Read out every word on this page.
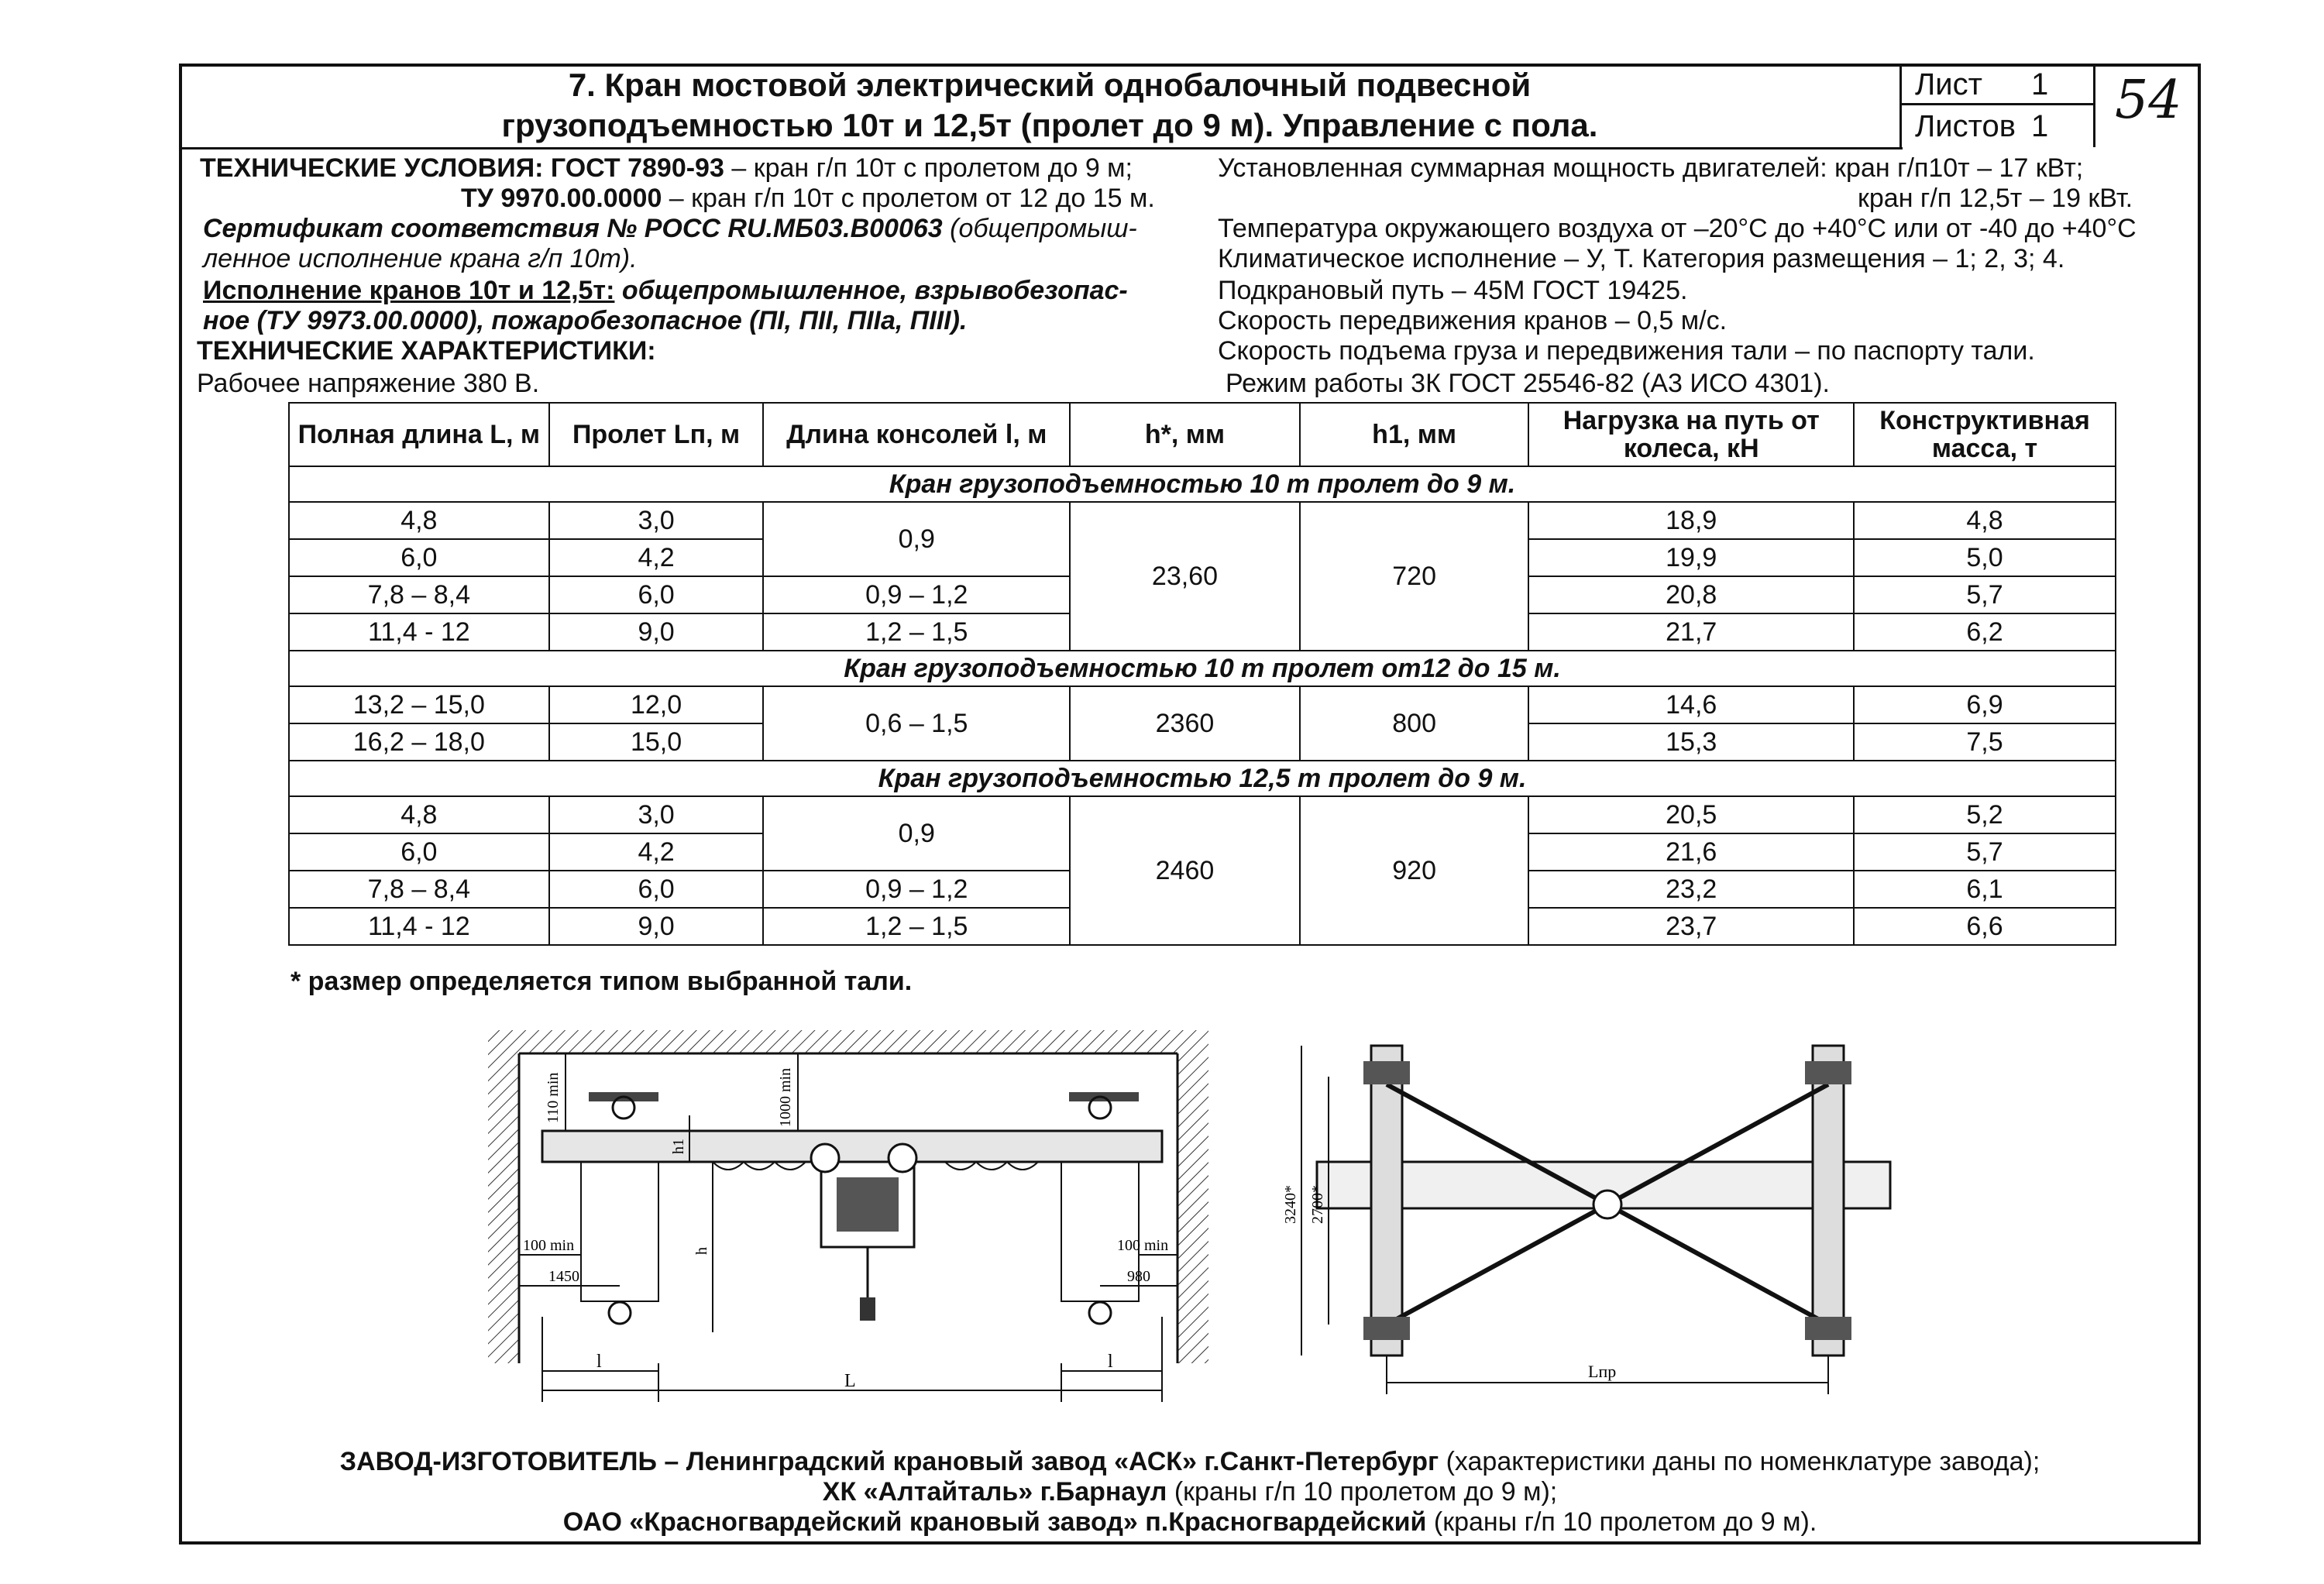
7. Кран мостовой электрический однобалочный подвесной
грузоподъемностью 10т и 12,5т (пролет до 9 м). Управление с пола.
Лист 1
Листов 1 54
ТЕХНИЧЕСКИЕ УСЛОВИЯ: ГОСТ 7890-93 – кран г/п 10т с пролетом до 9 м;
ТУ 9970.00.0000 – кран г/п 10т с пролетом от 12 до 15 м.
Сертификат соответствия № РОСС RU.МБ03.В00063 (общепромыш-
ленное исполнение крана г/п 10т).
Исполнение кранов 10т и 12,5т: общепромышленное, взрывобезопас-
ное (ТУ 9973.00.0000), пожаробезопасное (ПI, ПII, ПIIа, ПIII).
ТЕХНИЧЕСКИЕ ХАРАКТЕРИСТИКИ:
Рабочее напряжение 380 В.
Установленная суммарная мощность двигателей: кран г/п10т – 17 кВт;
кран г/п 12,5т – 19 кВт.
Температура окружающего воздуха от –20°С до +40°С или от -40 до +40°С
Климатическое исполнение – У, Т. Категория размещения – 1; 2, 3; 4.
Подкрановый путь – 45М ГОСТ 19425.
Скорость передвижения кранов – 0,5 м/с.
Скорость подъема груза и передвижения тали – по паспорту тали.
Режим работы 3К ГОСТ 25546-82 (А3 ИСО 4301).
Полная длина L, м	Пролет Lп, м	Длина консолей l, м	h*, мм	h1, мм	Нагрузка на путь от колеса, кН	Конструктивная масса, т
Кран грузоподъемностью 10 т пролет до 9 м.						
4,8	3,0	0,9	23,60	720	18,9	4,8
6,0	4,2				19,9	5,0
7,8 – 8,4	6,0	0,9 – 1,2			20,8	5,7
11,4 - 12	9,0	1,2 – 1,5			21,7	6,2
Кран грузоподъемностью 10 т пролет от12 до 15 м.						
13,2 – 15,0	12,0	0,6 – 1,5	2360	800	14,6	6,9
16,2 – 18,0	15,0				15,3	7,5
Кран грузоподъемностью 12,5 т пролет до 9 м.						
4,8	3,0	0,9	2460	920	20,5	5,2
6,0	4,2				21,6	5,7
7,8 – 8,4	6,0	0,9 – 1,2			23,2	6,1
11,4 - 12	9,0	1,2 – 1,5			23,7	6,6
* размер определяется типом выбранной тали.
L
l	l
110 min	1000 min
h1
h
100 min	100 min
1450	980
3240* 2700*
Lпр
ЗАВОД-ИЗГОТОВИТЕЛЬ – Ленинградский крановый завод «АСК» г.Санкт-Петербург (характеристики даны по номенклатуре завода);
ХК «Алтайталь» г.Барнаул (краны г/п 10 пролетом до 9 м);
ОАО «Красногвардейский крановый завод» п.Красногвардейский (краны г/п 10 пролетом до 9 м).
